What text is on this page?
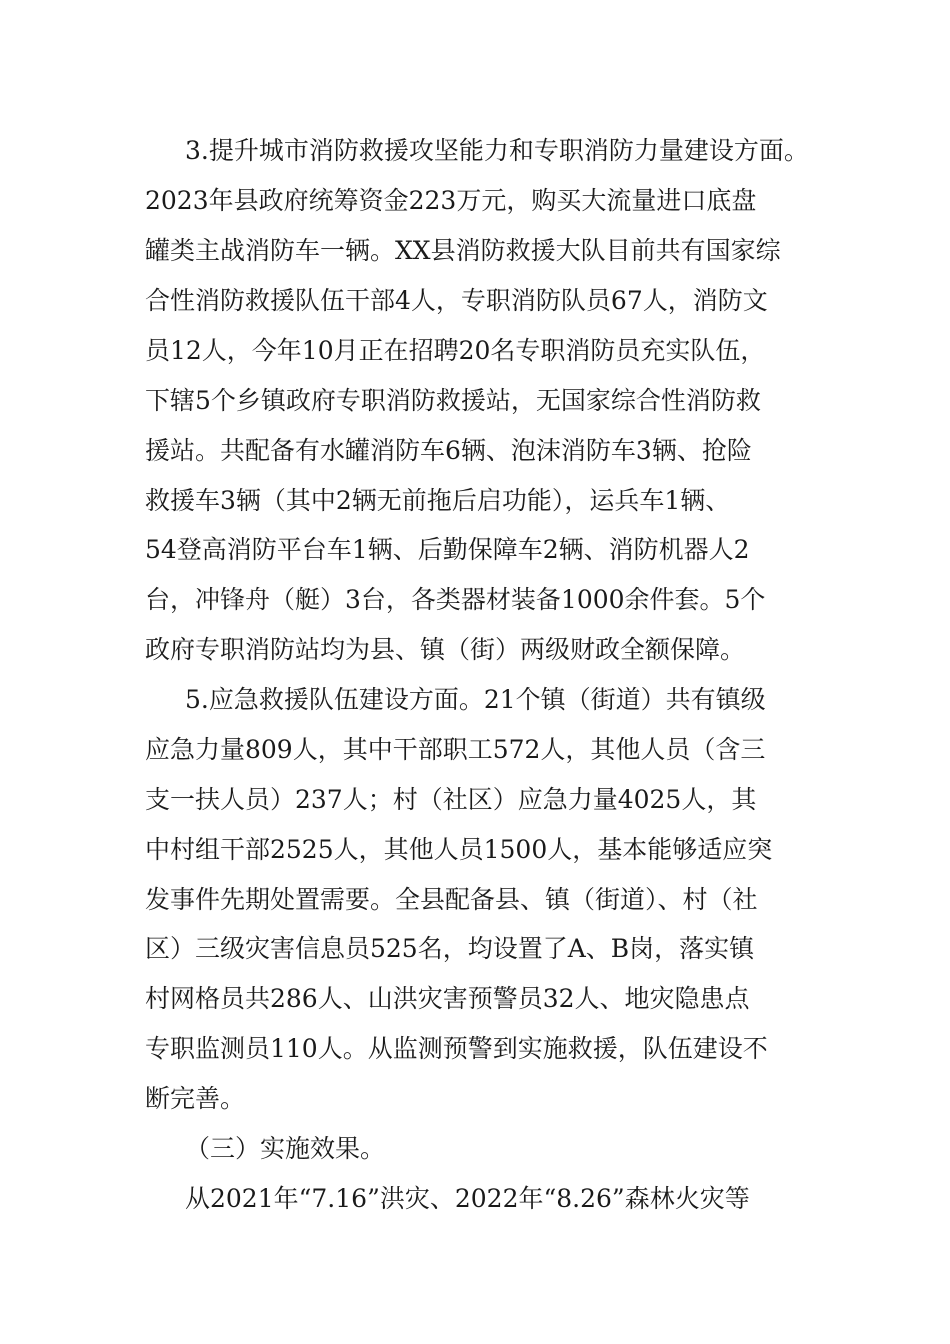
3.提升城市消防救援攻坚能力和专职消防力量建设方面。
2023年县政府统筹资金223万元，购买大流量进口底盘
罐类主战消防车一辆。XX县消防救援大队目前共有国家综
合性消防救援队伍干部4人，专职消防队员67人，消防文
员12人，今年10月正在招聘20名专职消防员充实队伍，
下辖5个乡镇政府专职消防救援站，无国家综合性消防救
援站。共配备有水罐消防车6辆、泡沫消防车3辆、抢险
救援车3辆（其中2辆无前拖后启功能），运兵车1辆、
54登高消防平台车1辆、后勤保障车2辆、消防机器人2
台，冲锋舟（艇）3台，各类器材装备1000余件套。5个
政府专职消防站均为县、镇（街）两级财政全额保障。
5.应急救援队伍建设方面。21个镇（街道）共有镇级
应急力量809人，其中干部职工572人，其他人员（含三
支一扶人员）237人；村（社区）应急力量4025人，其
中村组干部2525人，其他人员1500人，基本能够适应突
发事件先期处置需要。全县配备县、镇（街道）、村（社
区）三级灾害信息员525名，均设置了A、B岗，落实镇
村网格员共286人、山洪灾害预警员32人、地灾隐患点
专职监测员110人。从监测预警到实施救援，队伍建设不
断完善。
（三）实施效果。
从2021年“7.16”洪灾、2022年“8.26”森林火灾等
